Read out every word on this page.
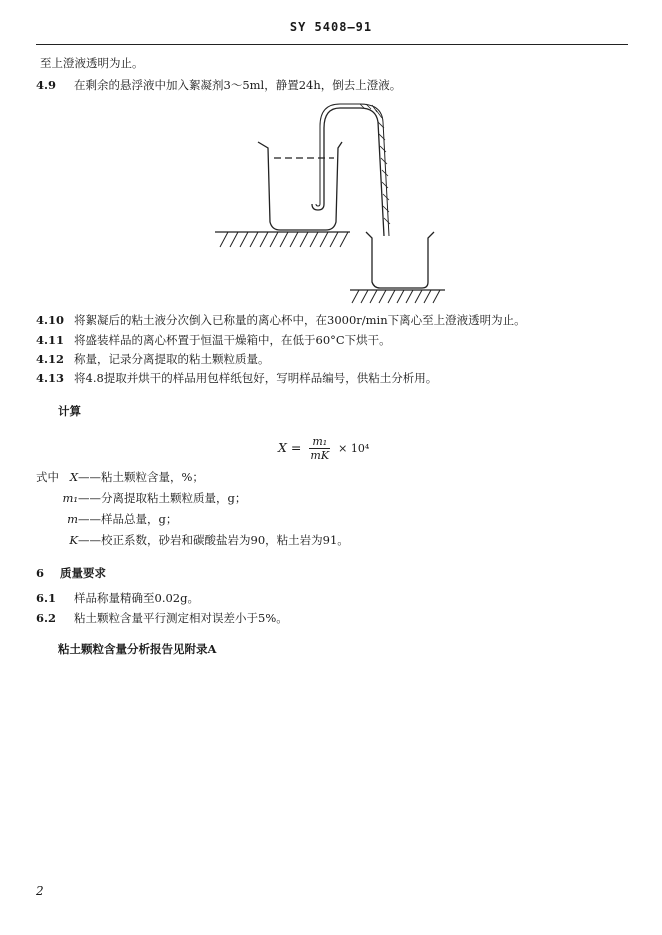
SY 5408—91
至上澄液透明为止。
4.9 在剩余的悬浮液中加入絮凝剂3～5ml，静置24h，倒去上澄液。
4.10 将絮凝后的粘土液分次倒入已称量的离心杯中，在3000r/min下离心至上澄液透明为止。
4.11 将盛装样品的离心杯置于恒温干燥箱中，在低于60°C下烘干。
4.12 称量，记录分离提取的粘土颗粒质量。
4.13 将4.8提取并烘干的样品用包样纸包好，写明样品编号，供粘土分析用。
计算
$X = \frac{\text{m₁}}{mK} \times 10^4$
式中 X——粘土颗粒含量，%；
m₁——分离提取粘土颗粒质量，g；
m——样品总量，g；
K——校正系数，砂岩和碳酸盐岩为90，粘土岩为91。
6 质量要求
6.1 样品称量精确至0.02g。
6.2 粘土颗粒含量平行测定相对误差小于5%。
粘土颗粒含量分析报告见附录A
2
